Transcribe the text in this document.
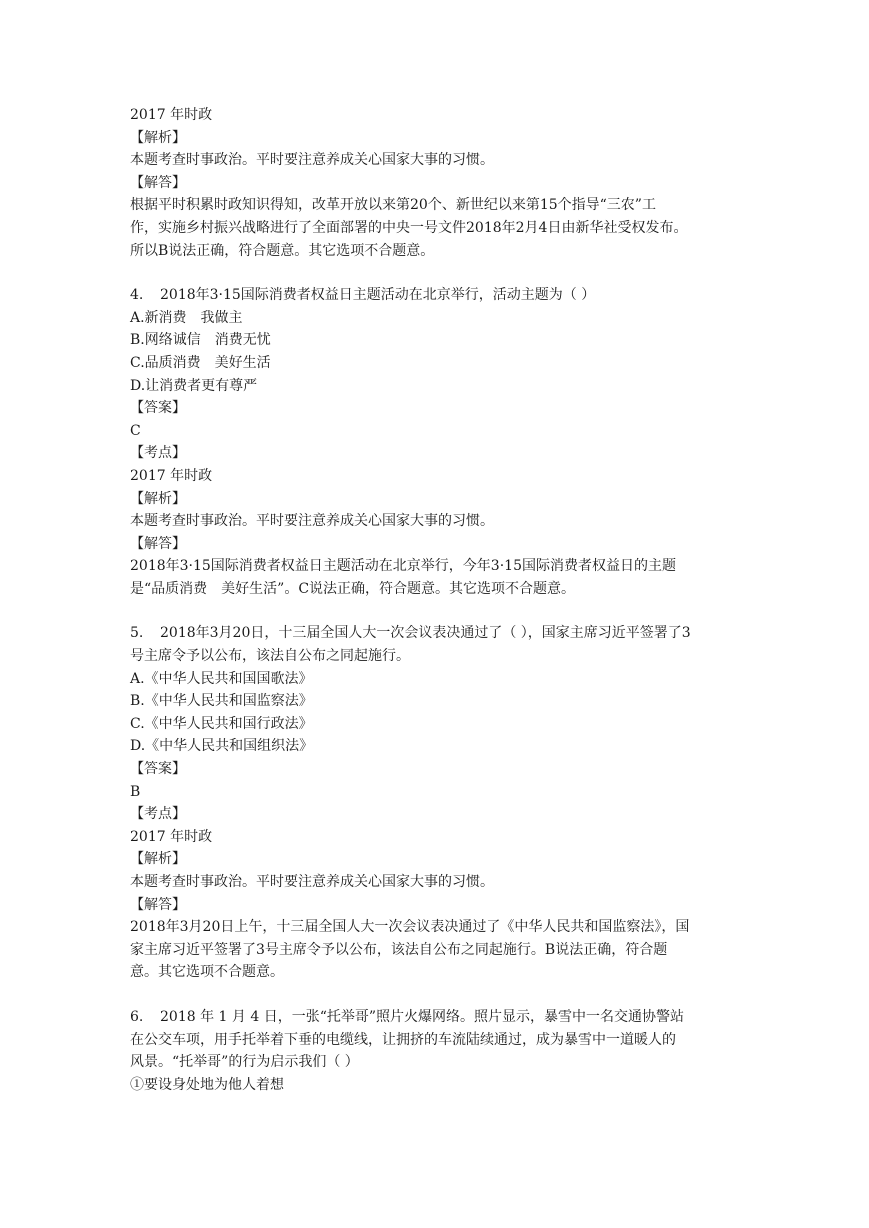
2017 年时政
【解析】
本题考查时事政治。平时要注意养成关心国家大事的习惯。
【解答】
根据平时积累时政知识得知，改革开放以来第20个、新世纪以来第15个指导“三农”工
作，实施乡村振兴战略进行了全面部署的中央一号文件2018年2月4日由新华社受权发布。
所以B说法正确，符合题意。其它选项不合题意。
4. 2018年3·15国际消费者权益日主题活动在北京举行，活动主题为（ ）
A.新消费　我做主
B.网络诚信　消费无忧
C.品质消费　美好生活
D.让消费者更有尊严
【答案】
C
【考点】
2017 年时政
【解析】
本题考查时事政治。平时要注意养成关心国家大事的习惯。
【解答】
2018年3·15国际消费者权益日主题活动在北京举行，今年3·15国际消费者权益日的主题
是“品质消费　美好生活”。C说法正确，符合题意。其它选项不合题意。
5. 2018年3月20日，十三届全国人大一次会议表决通过了（ ），国家主席习近平签署了3
号主席令予以公布，该法自公布之同起施行。
A.《中华人民共和国国歌法》
B.《中华人民共和国监察法》
C.《中华人民共和国行政法》
D.《中华人民共和国组织法》
【答案】
B
【考点】
2017 年时政
【解析】
本题考查时事政治。平时要注意养成关心国家大事的习惯。
【解答】
2018年3月20日上午，十三届全国人大一次会议表决通过了《中华人民共和国监察法》，国
家主席习近平签署了3号主席令予以公布，该法自公布之同起施行。B说法正确，符合题
意。其它选项不合题意。
6. 2018 年 1 月 4 日，一张“托举哥”照片火爆网络。照片显示，暴雪中一名交通协警站
在公交车项，用手托举着下垂的电缆线，让拥挤的车流陆续通过，成为暴雪中一道暖人的
风景。“托举哥”的行为启示我们（ ）
①要设身处地为他人着想
